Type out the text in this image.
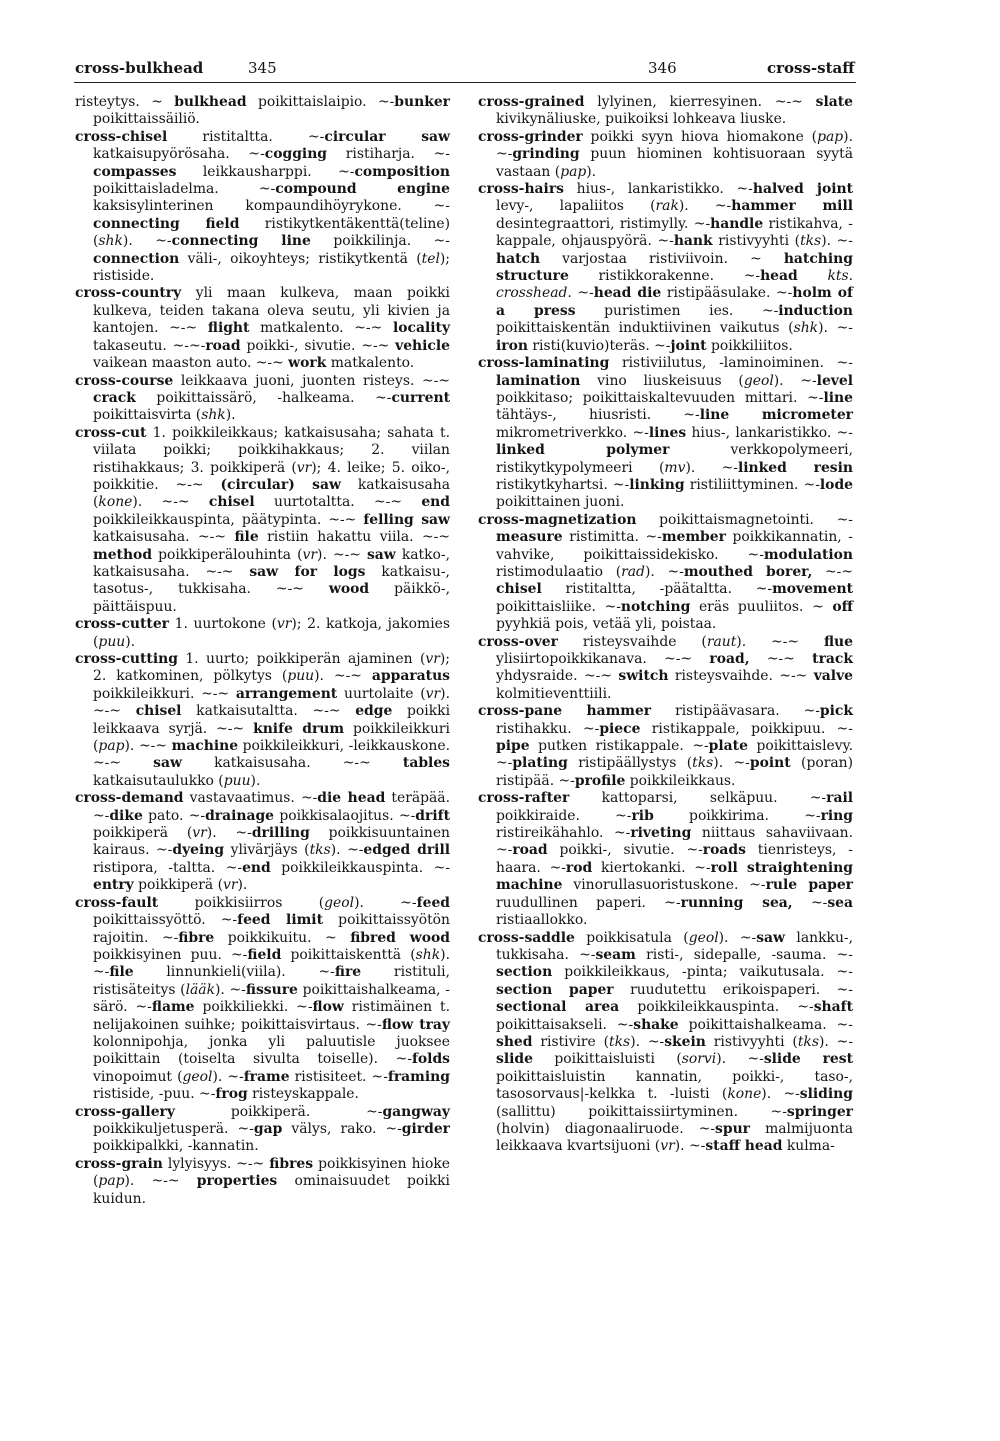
cross-bulkhead	345	346	cross-staff

risteytys. ~ bulkhead poikittaislaipio. ~-bunker poikittaissäiliö.

cross-chisel ristitaltta. ~-circular saw katkaisupyörösaha. ~-cogging ristiharja. ~-compasses leikkausharppi. ~-composition poikittaisladelma. ~-compound engine kaksisylinterinen kompaundihöyrykone. ~-connecting field ristikytkentäkenttä(teline) (shk). ~-connecting line poikkilinja. ~-connection väli-, oikoyhteys; ristikytkentä (tel); ristiside.

cross-country yli maan kulkeva, maan poikki kulkeva, teiden takana oleva seutu, yli kivien ja kantojen. ~-~ flight matkalento. ~-~ locality takaseutu. ~-~-road poikki-, sivutie. ~-~ vehicle vaikean maaston auto. ~-~ work matkalento.

cross-course leikkaava juoni, juonten risteys. ~-~ crack poikittaissärö, -halkeama. ~-current poikittaisvirta (shk).

cross-cut 1. poikkileikkaus; katkaisusaha; sahata t. viilata poikki; poikkihakkaus; 2. viilan ristihakkaus; 3. poikkiperä (vr); 4. leike; 5. oiko-, poikkitie. ~-~ (circular) saw katkaisusaha (kone). ~-~ chisel uurtotaltta. ~-~ end poikkileikkauspinta, päätypinta. ~-~ felling saw katkaisusaha. ~-~ file ristiin hakattu viila. ~-~ method poikkiperälouhinta (vr). ~-~ saw katko-, katkaisusaha. ~-~ saw for logs katkaisu-, tasotus-, tukkisaha. ~-~ wood päikkö-, päittäispuu.

cross-cutter 1. uurtokone (vr); 2. katkoja, jakomies (puu).

cross-cutting 1. uurto; poikkiperän ajaminen (vr); 2. katkominen, pölkytys (puu). ~-~ apparatus poikkileikkuri. ~-~ arrangement uurtolaite (vr). ~-~ chisel katkaisutaltta. ~-~ edge poikki leikkaava syrjä. ~-~ knife drum poikkileikkuri (pap). ~-~ machine poikkileikkuri, -leikkauskone. ~-~ saw katkaisusaha. ~-~ tables katkaisutaulukko (puu).

cross-demand vastavaatimus. ~-die head teräpää. ~-dike pato. ~-drainage poikkisalaojitus. ~-drift poikkiperä (vr). ~-drilling poikkisuuntainen kairaus. ~-dyeing ylivärjäys (tks). ~-edged drill ristipora, -taltta. ~-end poikkileikkauspinta. ~-entry poikkiperä (vr).

cross-fault poikkisiirros (geol). ~-feed poikittaissyöttö. ~-feed limit poikittaissyötön rajoitin. ~-fibre poikkikuitu. ~ fibred wood poikkisyinen puu. ~-field poikittaiskenttä (shk). ~-file linnunkieli(viila). ~-fire ristituli, ristisäteitys (lääk). ~-fissure poikittaishalkeama, -särö. ~-flame poikkiliekki. ~-flow ristimäinen t. nelijakoinen suihke; poikittaisvirtaus. ~-flow tray kolonnipohja, jonka yli paluutisle juoksee poikittain (toiselta sivulta toiselle). ~-folds vinopoimut (geol). ~-frame ristisiteet. ~-framing ristiside, -puu. ~-frog risteyskappale.

cross-gallery poikkiperä. ~-gangway poikkikuljetusperä. ~-gap välys, rako. ~-girder poikkipalkki, -kannatin.

cross-grain lylyisyys. ~-~ fibres poikkisyinen hioke (pap). ~-~ properties ominaisuudet poikki kuidun.

cross-grained lylyinen, kierresyinen. ~-~ slate kivikynäliuske, puikoiksi lohkeava liuske.

cross-grinder poikki syyn hiova hiomakone (pap). ~-grinding puun hiominen kohtisuoraan syytä vastaan (pap).

cross-hairs hius-, lankaristikko. ~-halved joint levy-, lapaliitos (rak). ~-hammer mill desintegraattori, ristimylly. ~-handle ristikahva, -kappale, ohjauspyörä. ~-hank ristivyyhti (tks). ~-hatch varjostaa ristiviivoin. ~ hatching structure ristikkorakenne. ~-head kts. crosshead. ~-head die ristipääsulake. ~-holm of a press puristimen ies. ~-induction poikittaiskentän induktiivinen vaikutus (shk). ~-iron risti(kuvio)teräs. ~-joint poikkiliitos.

cross-laminating ristiviilutus, -laminoiminen. ~-lamination vino liuskeisuus (geol). ~-level poikkitaso; poikittaiskaltevuuden mittari. ~-line tähtäys-, hiusristi. ~-line micrometer mikrometriverkko. ~-lines hius-, lankaristikko. ~-linked polymer verkkopolymeeri, ristikytkypolymeeri (mv). ~-linked resin ristikytkyhartsi. ~-linking ristiliittyminen. ~-lode poikittainen juoni.

cross-magnetization poikittaismagnetointi. ~-measure ristimitta. ~-member poikkikannatin, -vahvike, poikittaissidekisko. ~-modulation ristimodulaatio (rad). ~-mouthed borer, ~-~ chisel ristitaltta, -päätaltta. ~-movement poikittaisliike. ~-notching eräs puuliitos. ~ off pyyhkiä pois, vetää yli, poistaa.

cross-over risteysvaihde (raut). ~-~ flue ylisiirtopoikkikanava. ~-~ road, ~-~ track yhdysraide. ~-~ switch risteysvaihde. ~-~ valve kolmitieventtiili.

cross-pane hammer ristipäävasara. ~-pick ristihakku. ~-piece ristikappale, poikkipuu. ~-pipe putken ristikappale. ~-plate poikittaislevy. ~-plating ristipäällystys (tks). ~-point (poran) ristipää. ~-profile poikkileikkaus.

cross-rafter kattoparsi, selkäpuu. ~-rail poikkiraide. ~-rib poikkirima. ~-ring ristireikähahlo. ~-riveting niittaus sahaviivaan. ~-road poikki-, sivutie. ~-roads tienristeys, -haara. ~-rod kiertokanki. ~-roll straightening machine vinorullasuoristuskone. ~-rule paper ruudullinen paperi. ~-running sea, ~-sea ristiaallokko.

cross-saddle poikkisatula (geol). ~-saw lankku-, tukkisaha. ~-seam risti-, sidepalle, -sauma. ~-section poikkileikkaus, -pinta; vaikutusala. ~-section paper ruudutettu erikoispaperi. ~-sectional area poikkileikkauspinta. ~-shaft poikittaisakseli. ~-shake poikittaishalkeama. ~-shed ristivire (tks). ~-skein ristivyyhti (tks). ~-slide poikittaisluisti (sorvi). ~-slide rest poikittaisluistin kannatin, poikki-, taso-, tasosorvaus|-kelkka t. -luisti (kone). ~-sliding (sallittu) poikittaissiirtyminen. ~-springer (holvin) diagonaaliruode. ~-spur malmijuonta leikkaava kvartsijuoni (vr). ~-staff head kulma-
